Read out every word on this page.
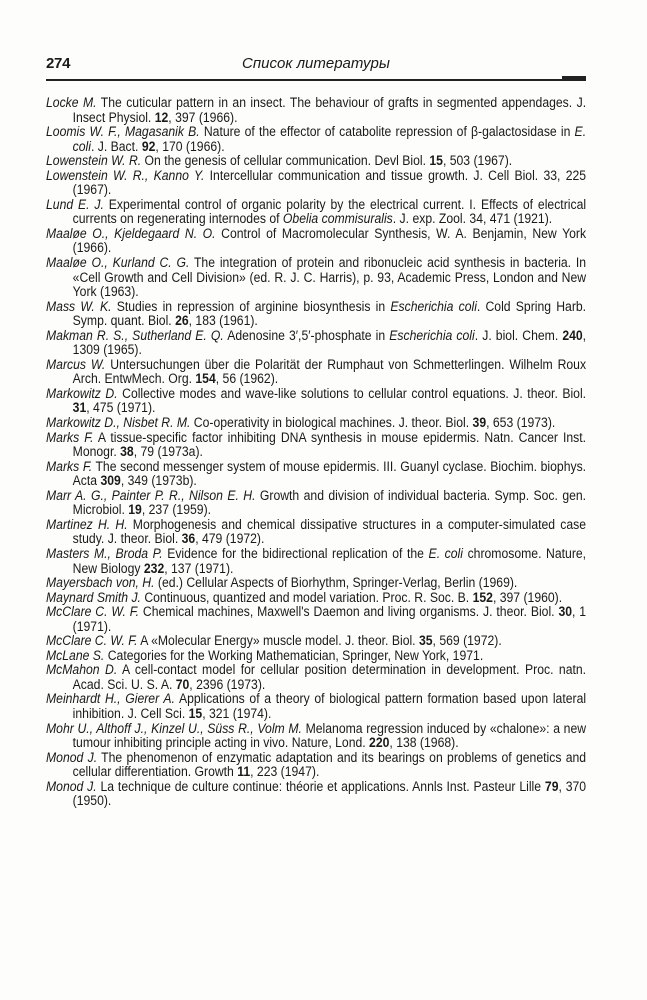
274	Список литературы

Locke M. The cuticular pattern in an insect. The behaviour of grafts in segmented appendages. J. Insect Physiol. 12, 397 (1966).

Loomis W. F., Magasanik B. Nature of the effector of catabolite repression of β-galactosidase in E. coli. J. Bact. 92, 170 (1966).

Lowenstein W. R. On the genesis of cellular communication. Devl Biol. 15, 503 (1967).

Lowenstein W. R., Kanno Y. Intercellular communication and tissue growth. J. Cell Biol. 33, 225 (1967).

Lund E. J. Experimental control of organic polarity by the electrical current. I. Effects of electrical currents on regenerating internodes of Obelia commisuralis. J. exp. Zool. 34, 471 (1921).

Maaløe O., Kjeldegaard N. O. Control of Macromolecular Synthesis, W. A. Benjamin, New York (1966).

Maaløe O., Kurland C. G. The integration of protein and ribonucleic acid synthesis in bacteria. In «Cell Growth and Cell Division» (ed. R. J. C. Harris), p. 93, Academic Press, London and New York (1963).

Mass W. K. Studies in repression of arginine biosynthesis in Escherichia coli. Cold Spring Harb. Symp. quant. Biol. 26, 183 (1961).

Makman R. S., Sutherland E. Q. Adenosine 3′,5′-phosphate in Escherichia coli. J. biol. Chem. 240, 1309 (1965).

Marcus W. Untersuchungen über die Polarität der Rumphaut von Schmetterlingen. Wilhelm Roux Arch. EntwMech. Org. 154, 56 (1962).

Markowitz D. Collective modes and wave-like solutions to cellular control equations. J. theor. Biol. 31, 475 (1971).

Markowitz D., Nisbet R. M. Co-operativity in biological machines. J. theor. Biol. 39, 653 (1973).

Marks F. A tissue-specific factor inhibiting DNA synthesis in mouse epidermis. Natn. Cancer Inst. Monogr. 38, 79 (1973a).

Marks F. The second messenger system of mouse epidermis. III. Guanyl cyclase. Biochim. biophys. Acta 309, 349 (1973b).

Marr A. G., Painter P. R., Nilson E. H. Growth and division of individual bacteria. Symp. Soc. gen. Microbiol. 19, 237 (1959).

Martinez H. H. Morphogenesis and chemical dissipative structures in a computer-simulated case study. J. theor. Biol. 36, 479 (1972).

Masters M., Broda P. Evidence for the bidirectional replication of the E. coli chromosome. Nature, New Biology 232, 137 (1971).

Mayersbach von, H. (ed.) Cellular Aspects of Biorhythm, Springer-Verlag, Berlin (1969).

Maynard Smith J. Continuous, quantized and model variation. Proc. R. Soc. B. 152, 397 (1960).

McClare C. W. F. Chemical machines, Maxwell's Daemon and living organisms. J. theor. Biol. 30, 1 (1971).

McClare C. W. F. A «Molecular Energy» muscle model. J. theor. Biol. 35, 569 (1972).

McLane S. Categories for the Working Mathematician, Springer, New York, 1971.

McMahon D. A cell-contact model for cellular position determination in development. Proc. natn. Acad. Sci. U. S. A. 70, 2396 (1973).

Meinhardt H., Gierer A. Applications of a theory of biological pattern formation based upon lateral inhibition. J. Cell Sci. 15, 321 (1974).

Mohr U., Althoff J., Kinzel U., Süss R., Volm M. Melanoma regression induced by «chalone»: a new tumour inhibiting principle acting in vivo. Nature, Lond. 220, 138 (1968).

Monod J. The phenomenon of enzymatic adaptation and its bearings on problems of genetics and cellular differentiation. Growth 11, 223 (1947).

Monod J. La technique de culture continue: théorie et applications. Annls Inst. Pasteur Lille 79, 370 (1950).
